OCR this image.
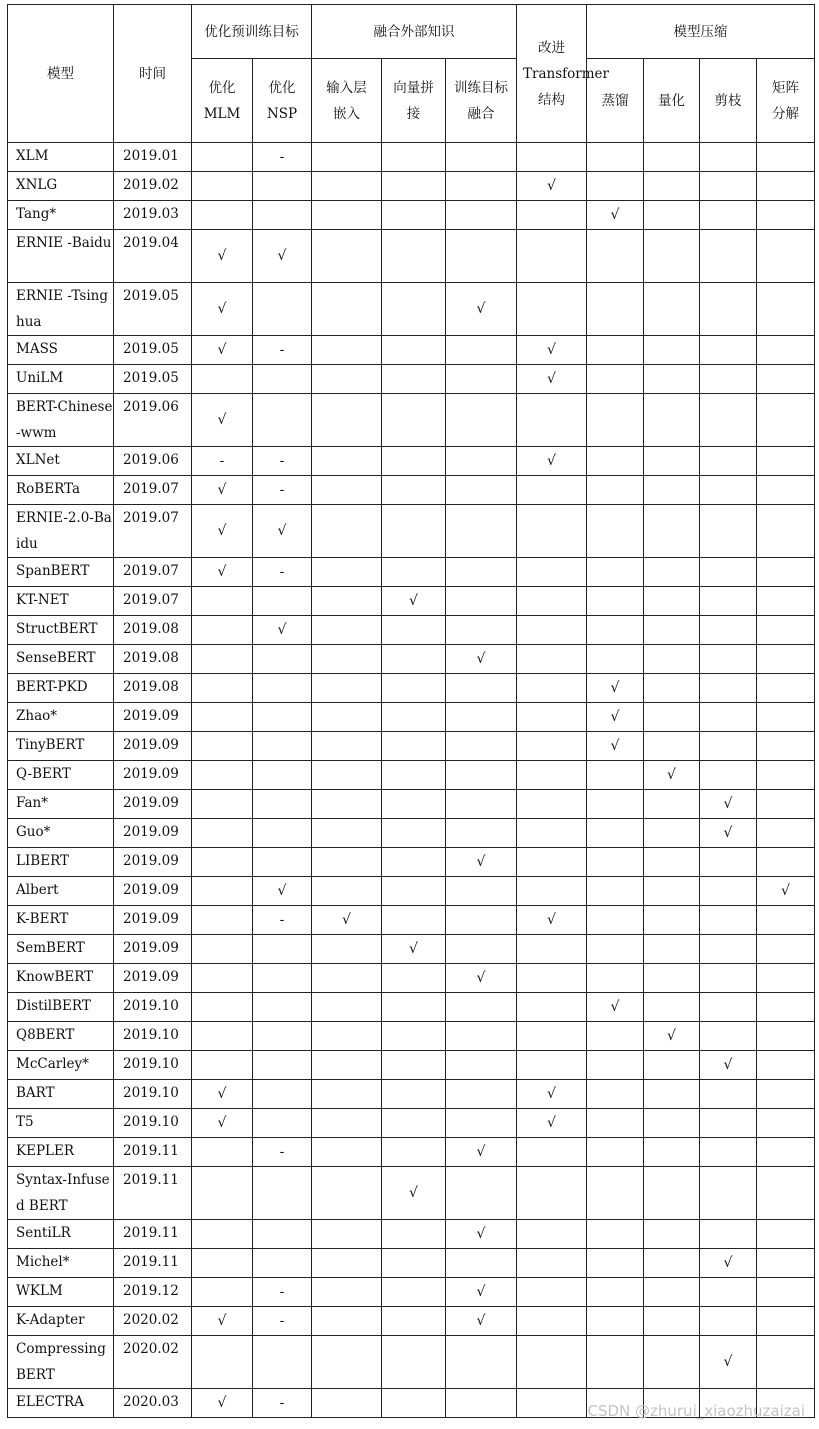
模型	时间	优化预训练目标		融合外部知识			改进 Transformer 结构	模型压缩			
		优化 MLM	优化 NSP	输入层嵌入	向量拼接	训练目标融合		蒸馏	量化	剪枝	矩阵分解
XLM	2019.01		-								
XNLG	2019.02						√				
Tang*	2019.03							√			
ERNIE -Baidu	2019.04	√	√								
ERNIE -Tsinghua	2019.05	√				√					
MASS	2019.05	√	-				√				
UniLM	2019.05						√				
BERT-Chinese-wwm	2019.06	√									
XLNet	2019.06	-	-				√				
RoBERTa	2019.07	√	-								
ERNIE-2.0-Baidu	2019.07	√	√								
SpanBERT	2019.07	√	-								
KT-NET	2019.07				√						
StructBERT	2019.08		√								
SenseBERT	2019.08					√					
BERT-PKD	2019.08							√			
Zhao*	2019.09							√			
TinyBERT	2019.09							√			
Q-BERT	2019.09								√		
Fan*	2019.09									√	
Guo*	2019.09									√	
LIBERT	2019.09					√					
Albert	2019.09		√								√
K-BERT	2019.09		-	√			√				
SemBERT	2019.09				√						
KnowBERT	2019.09					√					
DistilBERT	2019.10							√			
Q8BERT	2019.10								√		
McCarley*	2019.10									√	
BART	2019.10	√					√				
T5	2019.10	√					√				
KEPLER	2019.11		-			√					
Syntax-Infused BERT	2019.11				√						
SentiLR	2019.11					√					
Michel*	2019.11									√	
WKLM	2019.12		-			√					
K-Adapter	2020.02	√	-			√					
Compressing BERT	2020.02									√	
ELECTRA	2020.03	√	-									CSDN @zhurui_xiaozhuzaizai
